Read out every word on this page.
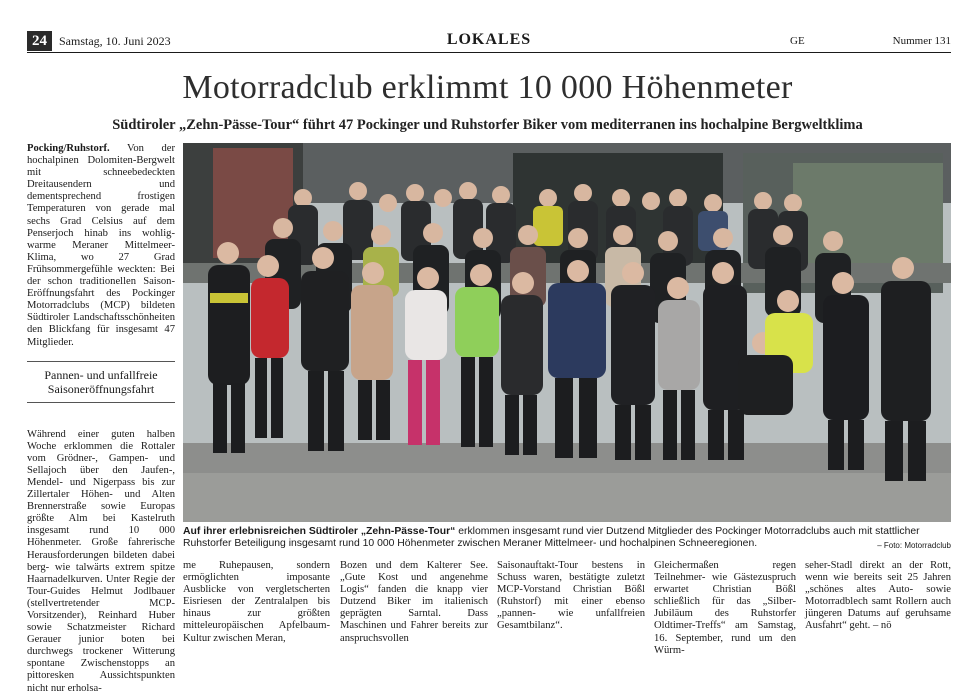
24	Samstag, 10. Juni 2023	LOKALES	GE	Nummer 131
Motorradclub erklimmt 10 000 Höhenmeter
Südtiroler „Zehn-Pässe-Tour“ führt 47 Pockinger und Ruhstorfer Biker vom mediterranen ins hochalpine Bergweltklima

Pocking/Ruhstorf. Von der hochalpinen Dolomiten-Bergwelt mit schneebedeckten Dreitausendern und dementsprechend frostigen Temperaturen von gerade mal sechs Grad Celsius auf dem Penserjoch hinab ins wohlig-warme Meraner Mittelmeer-Klima, wo 27 Grad Frühsommergefühle weckten: Bei der schon traditionellen Saison-Eröffnungsfahrt des Pockinger Motorradclubs (MCP) bildeten Südtiroler Landschaftsschönheiten den Blickfang für insgesamt 47 Mitglieder.

Pannen- und unfallfreie Saisoneröffnungsfahrt

Während einer guten halben Woche erklommen die Rottaler vom Grödner-, Gampen- und Sellajoch über den Jaufen-, Mendel- und Nigerpass bis zur Zillertaler Höhen- und Alten Brennerstraße sowie Europas größte Alm bei Kastelruth insgesamt rund 10 000 Höhenmeter. Große fahrerische Herausforderungen bildeten dabei berg- wie talwärts extrem spitze Haarnadelkurven. Unter Regie der Tour-Guides Helmut Jodlbauer (stellvertretender MCP-Vorsitzender), Reinhard Huber sowie Schatzmeister Richard Gerauer junior boten bei durchwegs trockener Witterung spontane Zwischenstopps an pittoresken Aussichtspunkten nicht nur erholsa-

Auf ihrer erlebnisreichen Südtiroler „Zehn-Pässe-Tour“ erklommen insgesamt rund vier Dutzend Mitglieder des Pockinger Motorradclubs auch mit stattlicher Ruhstorfer Beteiligung insgesamt rund 10 000 Höhenmeter zwischen Meraner Mittelmeer- und hochalpinen Schneeregionen.	– Foto: Motorradclub
me Ruhepausen, sondern ermöglichten imposante Ausblicke von vergletscherten Eisriesen der Zentralalpen bis hinaus zur größten mitteleuropäischen Apfelbaum-Kultur zwischen Meran,
Bozen und dem Kalterer See. „Gute Kost und angenehme Logis“ fanden die knapp vier Dutzend Biker im italienisch geprägten Sarntal. Dass Maschinen und Fahrer bereits zur anspruchsvollen
Saisonauftakt-Tour bestens in Schuss waren, bestätigte zuletzt MCP-Vorstand Christian Bößl (Ruhstorf) mit einer ebenso „pannen- wie unfallfreien Gesamtbilanz“.
Gleichermaßen regen Teilnehmer- wie Gästezuspruch erwartet Christian Bößl schließlich für das „Silber-Jubiläum des Ruhstorfer Oldtimer-Treffs“ am Samstag, 16. September, rund um den Würm-
seher-Stadl direkt an der Rott, wenn wie bereits seit 25 Jahren „schönes altes Auto- sowie Motorradblech samt Rollern auch jüngeren Datums auf geruhsame Ausfahrt“ geht. – nö
